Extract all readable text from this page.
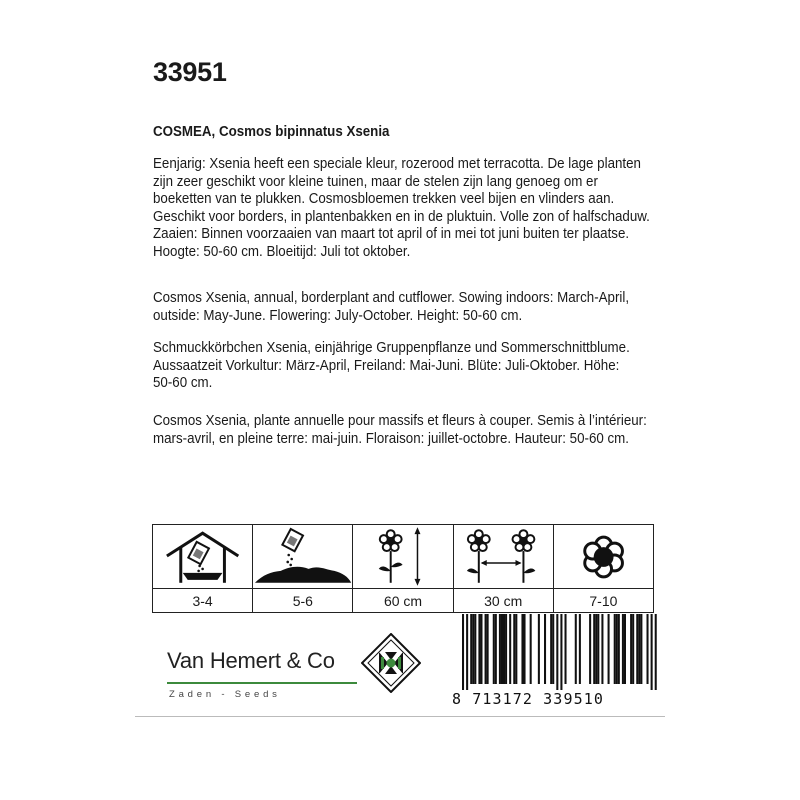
33951
COSMEA, Cosmos bipinnatus Xsenia
Eenjarig: Xsenia heeft een speciale kleur, rozerood met terracotta. De lage planten
zijn zeer geschikt voor kleine tuinen, maar de stelen zijn lang genoeg om er
boeketten van te plukken. Cosmosbloemen trekken veel bijen en vlinders aan.
Geschikt voor borders, in plantenbakken en in de pluktuin. Volle zon of halfschaduw.
Zaaien: Binnen voorzaaien van maart tot april of in mei tot juni buiten ter plaatse.
Hoogte: 50-60 cm. Bloeitijd: Juli tot oktober.
Cosmos Xsenia, annual, borderplant and cutflower. Sowing indoors: March-April,
outside: May-June. Flowering: July-October. Height: 50-60 cm.
Schmuckkörbchen Xsenia, einjährige Gruppenpflanze und Sommerschnittblume.
Aussaatzeit Vorkultur: März-April, Freiland: Mai-Juni. Blüte: Juli-Oktober. Höhe:
50-60 cm.
Cosmos Xsenia, plante annuelle pour massifs et fleurs à couper. Semis à l’intérieur:
mars-avril, en pleine terre: mai-juin. Floraison: juillet-octobre. Hauteur: 50-60 cm.
3-4	5-6	60 cm	30 cm	7-10
Van Hemert & Co
Zaden - Seeds	8 713172 339510
